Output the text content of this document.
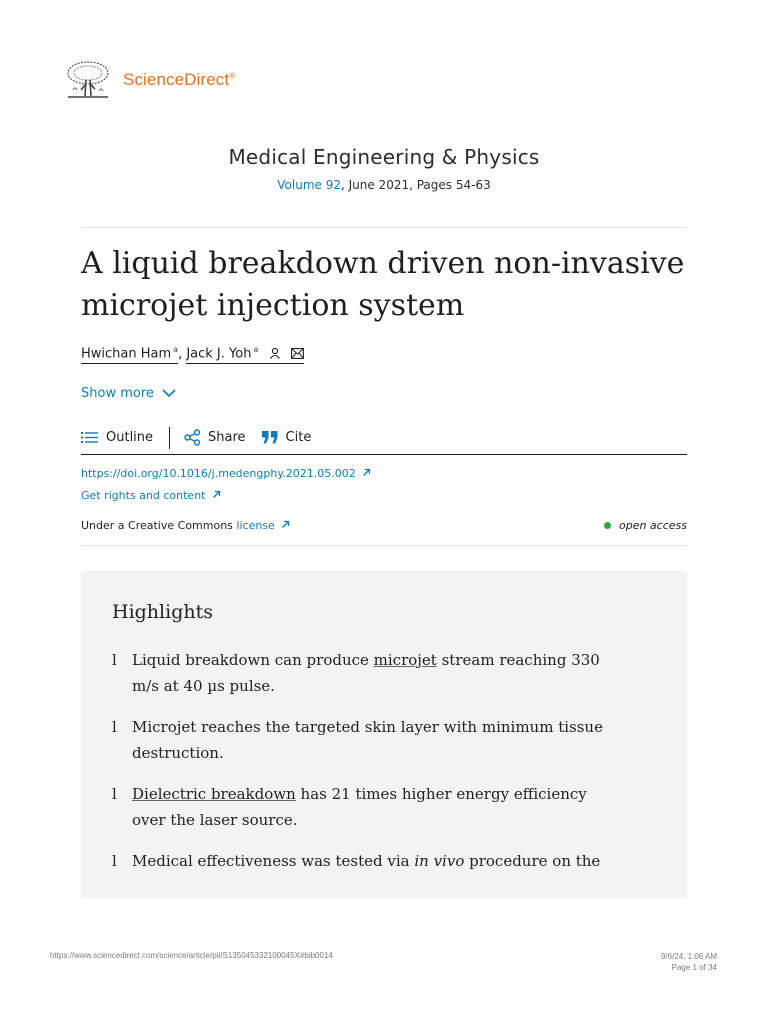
ScienceDirect®
Medical Engineering & Physics
Volume 92, June 2021, Pages 54-63
A liquid breakdown driven non-invasive microjet injection system
Hwichan Ham $^a$ , Jack J. Yoh $^a$
Show more
Outline	Share	Cite
https://doi.org/10.1016/j.medengphy.2021.05.002
Get rights and content
Under a Creative Commons license	open access
Highlights
l	Liquid breakdown can produce microjet stream reaching 330 m/s at 40 µs pulse.
l	Microjet reaches the targeted skin layer with minimum tissue destruction.
l	Dielectric breakdown has 21 times higher energy efficiency over the laser source.
l	Medical effectiveness was tested via in vivo procedure on the
https://www.sciencedirect.com/science/article/pii/S135045332100045X#bib0014	9/6/24, 1:06 AM
Page 1 of 34
